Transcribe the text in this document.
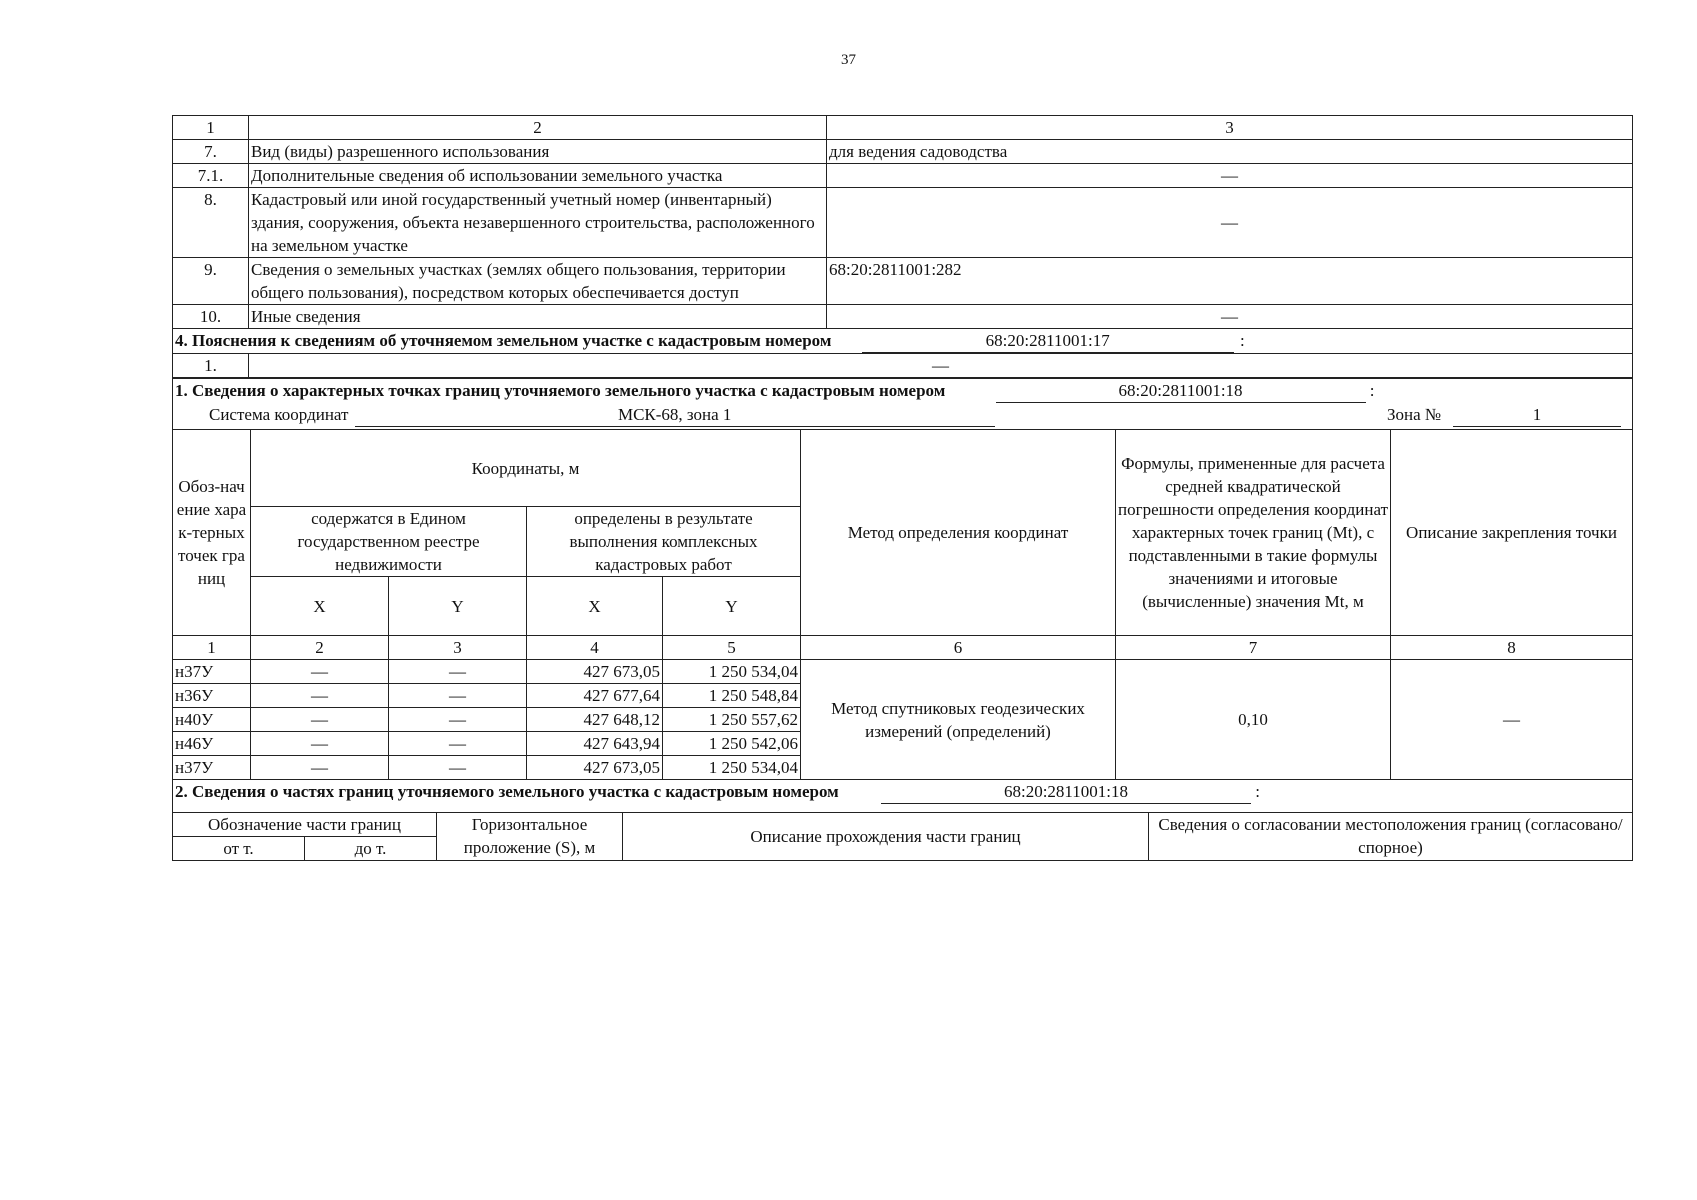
37
1	2	3
7.	Вид (виды) разрешенного использования	для ведения садоводства
7.1.	Дополнительные сведения об использовании земельного участка	—
8.	Кадастровый или иной государственный учетный номер (инвентарный) здания, сооружения, объекта незавершенного строительства, расположенного на земельном участке	—
9.	Сведения о земельных участках (землях общего пользования, территории общего пользования), посредством которых обеспечивается доступ	68:20:2811001:282
10.	Иные сведения	—
4. Пояснения к сведениям об уточняемом земельном участке с кадастровым номером	68:20:2811001:17	:
1.	—
1. Сведения о характерных точках границ уточняемого земельного участка с кадастровым номером 68:20:2811001:18 :
Система координат МСК-68, зона 1 Зона № 1							

Обоз-начение харак-терных точек границ	Координаты, м				Метод определения координат	Формулы, примененные для расчета средней квадратической погрешности определения координат характерных точек границ (Mt), с подставленными в такие формулы значениями и итоговые (вычисленные) значения Mt, м	Описание закрепления точки
	содержатся в Едином государственном реестре недвижимости		определены в результате выполнения комплексных кадастровых работ				
	X	Y	X	Y			
1	2	3	4	5	6	7	8
н37У	—	—	427 673,05	1 250 534,04	Метод спутниковых геодезических измерений (определений)	0,10	—
н36У	—	—	427 677,64	1 250 548,84			
н40У	—	—	427 648,12	1 250 557,62			
н46У	—	—	427 643,94	1 250 542,06			
н37У	—	—	427 673,05	1 250 534,04			
2. Сведения о частях границ уточняемого земельного участка с кадастровым номером 68:20:2811001:18 :				

Обозначение части границ		Горизонтальное проложение (S), м	Описание прохождения части границ	Сведения о согласовании местоположения границ (согласовано/спорное)
от т.	до т.			
